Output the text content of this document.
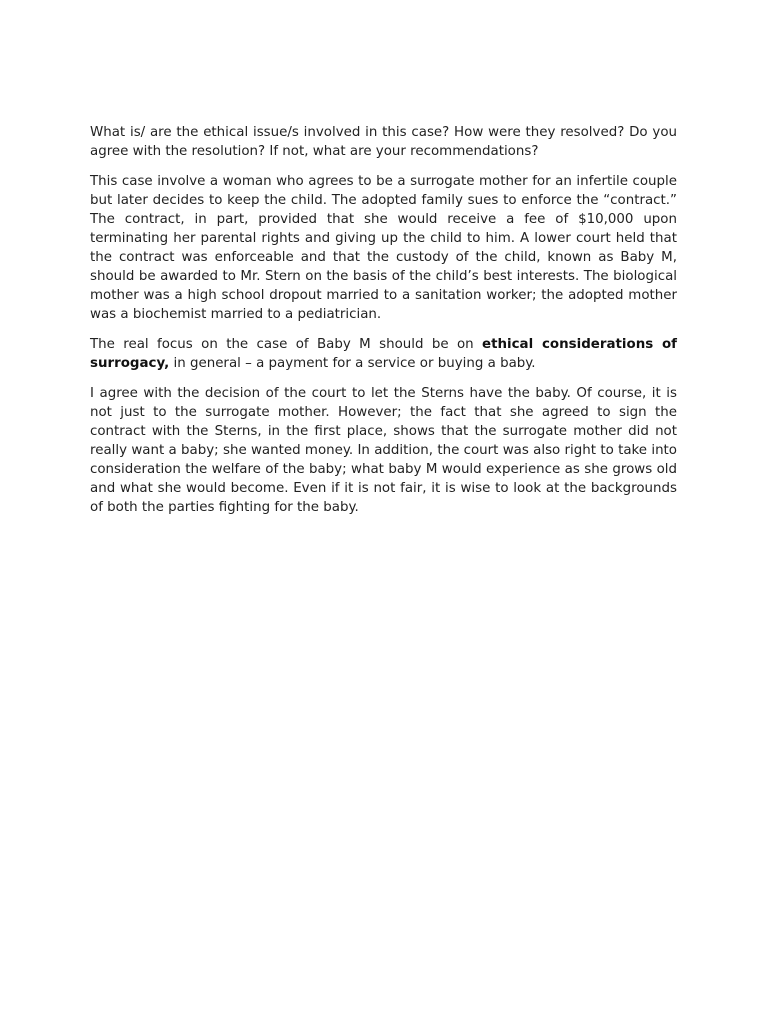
What is/ are the ethical issue/s involved in this case? How were they resolved? Do you agree with the resolution? If not, what are your recommendations?

This case involve a woman who agrees to be a surrogate mother for an infertile couple but later decides to keep the child. The adopted family sues to enforce the “contract.” The contract, in part, provided that she would receive a fee of $10,000 upon terminating her parental rights and giving up the child to him. A lower court held that the contract was enforceable and that the custody of the child, known as Baby M, should be awarded to Mr. Stern on the basis of the child’s best interests. The biological mother was a high school dropout married to a sanitation worker; the adopted mother was a biochemist married to a pediatrician.

The real focus on the case of Baby M should be on ethical considerations of surrogacy, in general – a payment for a service or buying a baby.

I agree with the decision of the court to let the Sterns have the baby. Of course, it is not just to the surrogate mother. However; the fact that she agreed to sign the contract with the Sterns, in the first place, shows that the surrogate mother did not really want a baby; she wanted money. In addition, the court was also right to take into consideration the welfare of the baby; what baby M would experience as she grows old and what she would become. Even if it is not fair, it is wise to look at the backgrounds of both the parties fighting for the baby.
